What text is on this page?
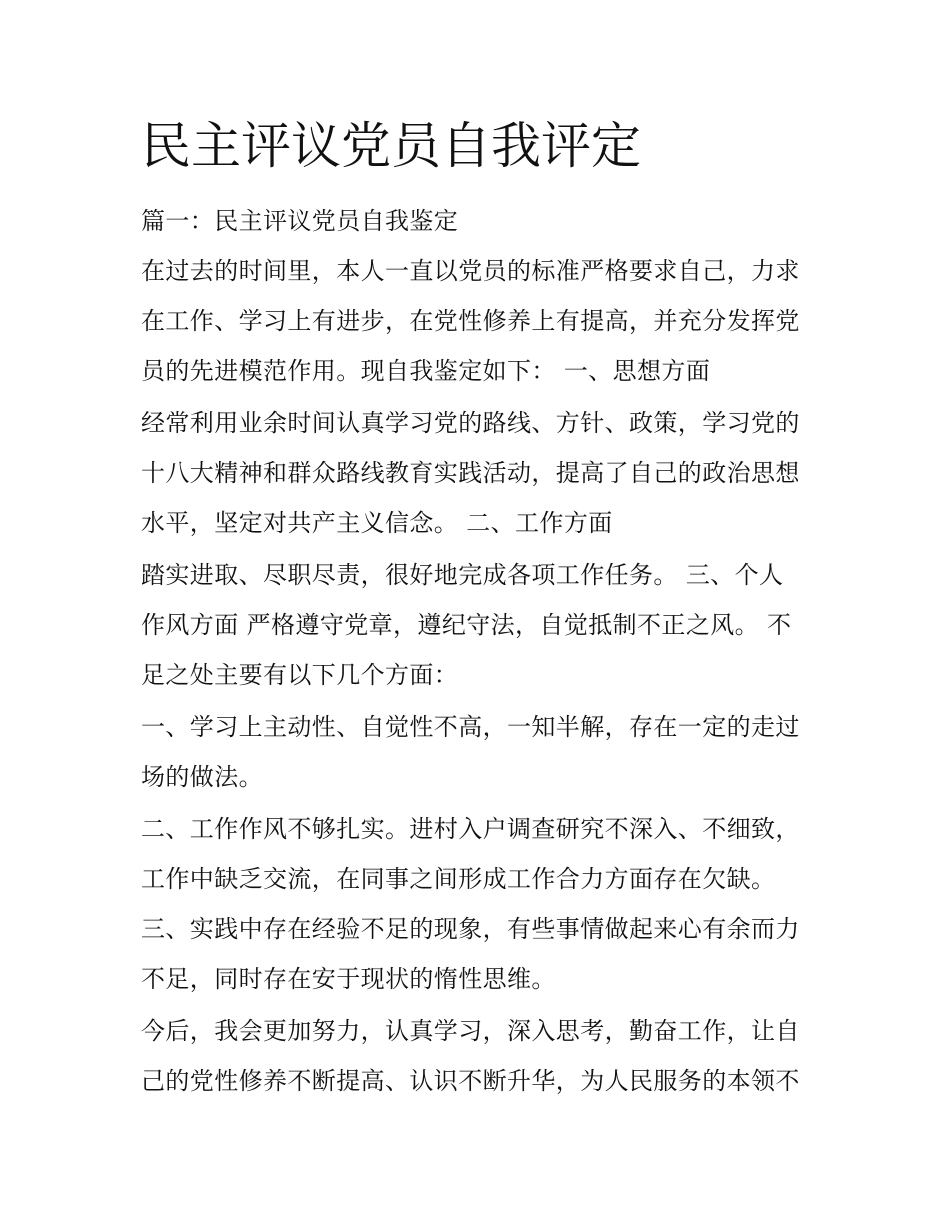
民主评议党员自我评定
篇一：民主评议党员自我鉴定
在过去的时间里，本人一直以党员的标准严格要求自己，力求
在工作、学习上有进步，在党性修养上有提高，并充分发挥党
员的先进模范作用。现自我鉴定如下： 一、思想方面
经常利用业余时间认真学习党的路线、方针、政策，学习党的
十八大精神和群众路线教育实践活动，提高了自己的政治思想
水平，坚定对共产主义信念。 二、工作方面
踏实进取、尽职尽责，很好地完成各项工作任务。 三、个人
作风方面 严格遵守党章，遵纪守法，自觉抵制不正之风。 不
足之处主要有以下几个方面：
一、学习上主动性、自觉性不高，一知半解，存在一定的走过
场的做法。
二、工作作风不够扎实。进村入户调查研究不深入、不细致，
工作中缺乏交流，在同事之间形成工作合力方面存在欠缺。
三、实践中存在经验不足的现象，有些事情做起来心有余而力
不足，同时存在安于现状的惰性思维。
今后，我会更加努力，认真学习，深入思考，勤奋工作，让自
己的党性修养不断提高、认识不断升华，为人民服务的本领不
